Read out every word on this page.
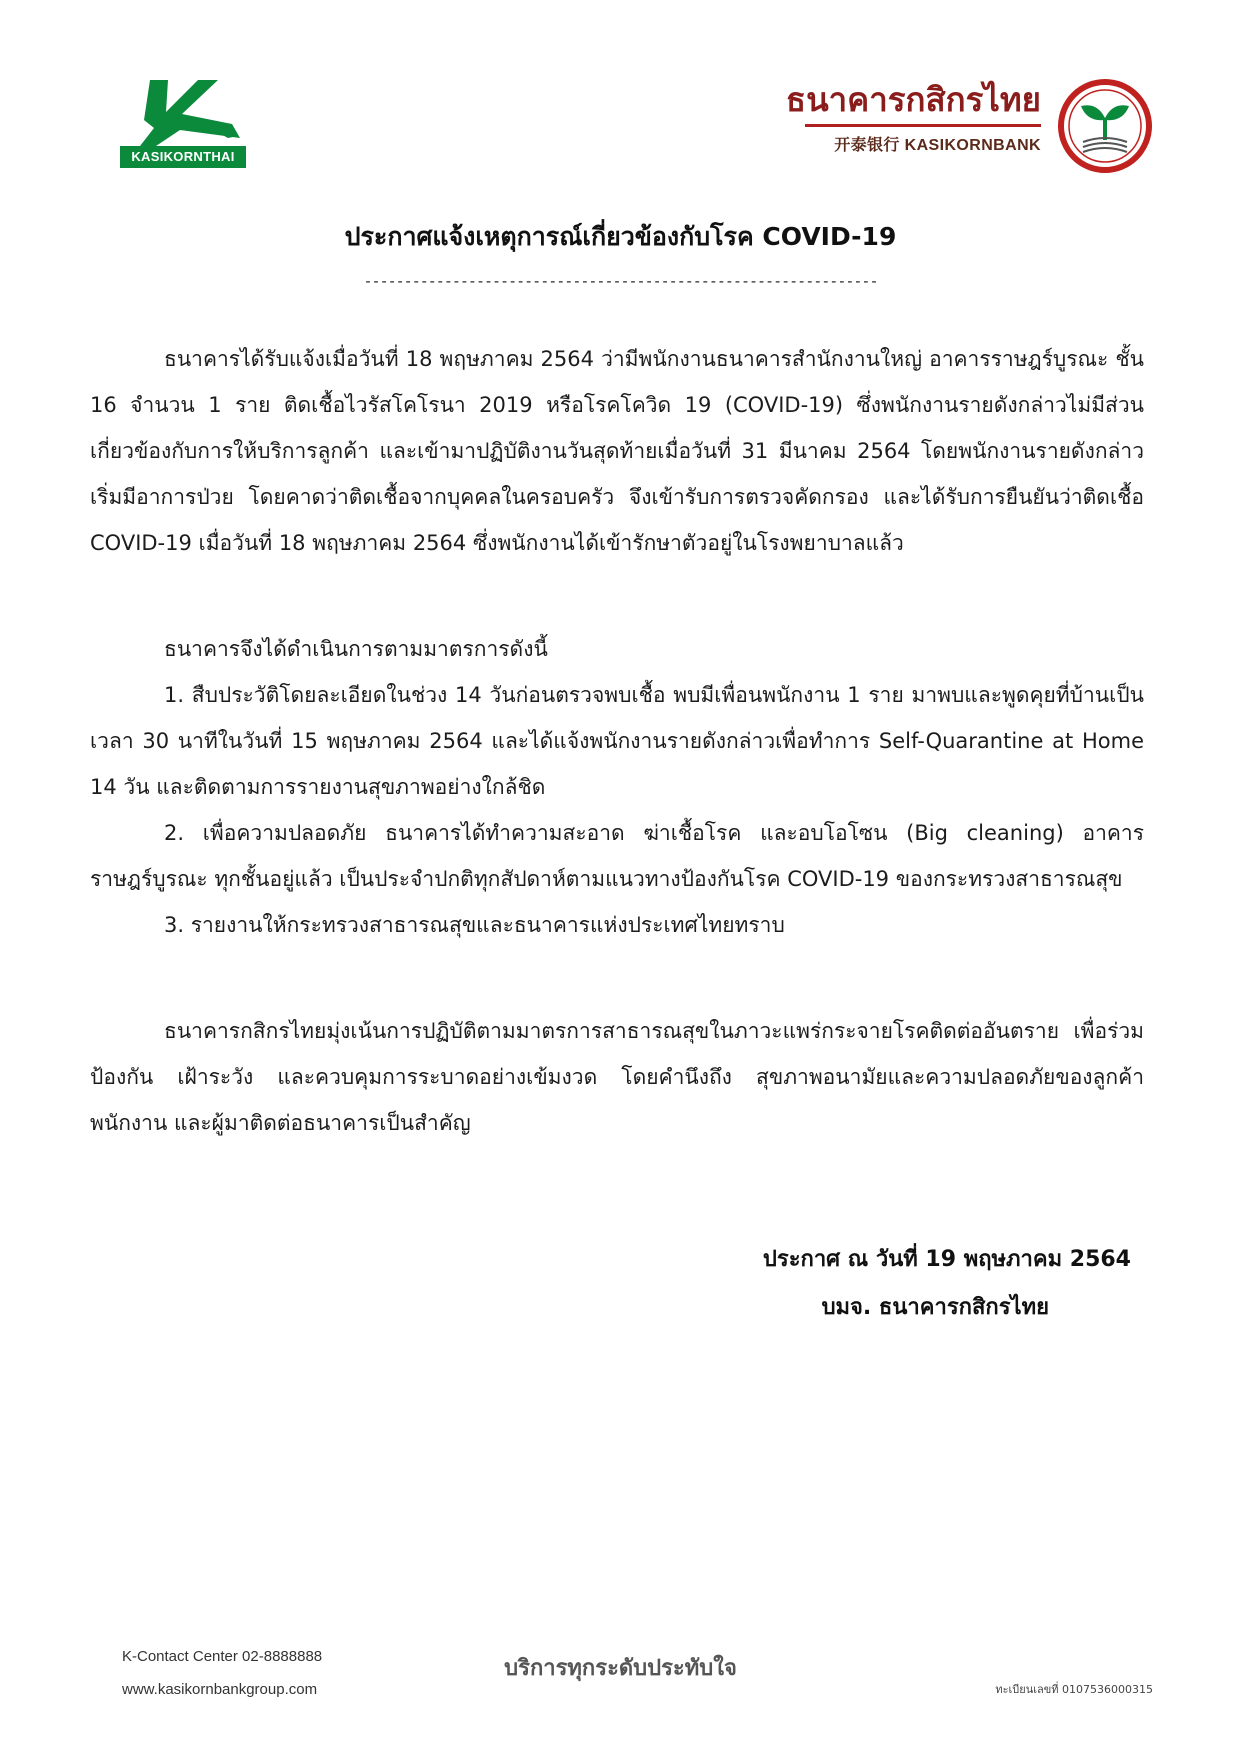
KASIKORNTHAI
ธนาคารกสิกรไทย
开泰银行 KASIKORNBANK
ประกาศแจ้งเหตุการณ์เกี่ยวข้องกับโรค COVID-19
----------------------------------------------------------------

ธนาคารได้รับแจ้งเมื่อวันที่ 18 พฤษภาคม 2564 ว่ามีพนักงานธนาคารสำนักงานใหญ่ อาคารราษฎร์บูรณะ ชั้น 16 จำนวน 1 ราย ติดเชื้อไวรัสโคโรนา 2019 หรือโรคโควิด 19 (COVID-19) ซึ่งพนักงานรายดังกล่าวไม่มีส่วนเกี่ยวข้องกับการให้บริการลูกค้า และเข้ามาปฏิบัติงานวันสุดท้ายเมื่อวันที่ 31 มีนาคม 2564 โดยพนักงานรายดังกล่าวเริ่มมีอาการป่วย โดยคาดว่าติดเชื้อจากบุคคลในครอบครัว จึงเข้ารับการตรวจคัดกรอง และได้รับการยืนยันว่าติดเชื้อ COVID-19 เมื่อวันที่ 18 พฤษภาคม 2564 ซึ่งพนักงานได้เข้ารักษาตัวอยู่ในโรงพยาบาลแล้ว

ธนาคารจึงได้ดำเนินการตามมาตรการดังนี้

1. สืบประวัติโดยละเอียดในช่วง 14 วันก่อนตรวจพบเชื้อ พบมีเพื่อนพนักงาน 1 ราย มาพบและพูดคุยที่บ้านเป็นเวลา 30 นาทีในวันที่ 15 พฤษภาคม 2564 และได้แจ้งพนักงานรายดังกล่าวเพื่อทำการ Self-Quarantine at Home 14 วัน และติดตามการรายงานสุขภาพอย่างใกล้ชิด

2. เพื่อความปลอดภัย ธนาคารได้ทำความสะอาด ฆ่าเชื้อโรค และอบโอโซน (Big cleaning) อาคารราษฎร์บูรณะ ทุกชั้นอยู่แล้ว เป็นประจำปกติทุกสัปดาห์ตามแนวทางป้องกันโรค COVID-19 ของกระทรวงสาธารณสุข

3. รายงานให้กระทรวงสาธารณสุขและธนาคารแห่งประเทศไทยทราบ

ธนาคารกสิกรไทยมุ่งเน้นการปฏิบัติตามมาตรการสาธารณสุขในภาวะแพร่กระจายโรคติดต่ออันตราย เพื่อร่วมป้องกัน เฝ้าระวัง และควบคุมการระบาดอย่างเข้มงวด โดยคำนึงถึง สุขภาพอนามัยและความปลอดภัยของลูกค้า พนักงาน และผู้มาติดต่อธนาคารเป็นสำคัญ

ประกาศ ณ วันที่ 19 พฤษภาคม 2564

บมจ. ธนาคารกสิกรไทย
K-Contact Center 02-8888888
www.kasikornbankgroup.com
บริการทุกระดับประทับใจ
ทะเบียนเลขที่ 0107536000315
